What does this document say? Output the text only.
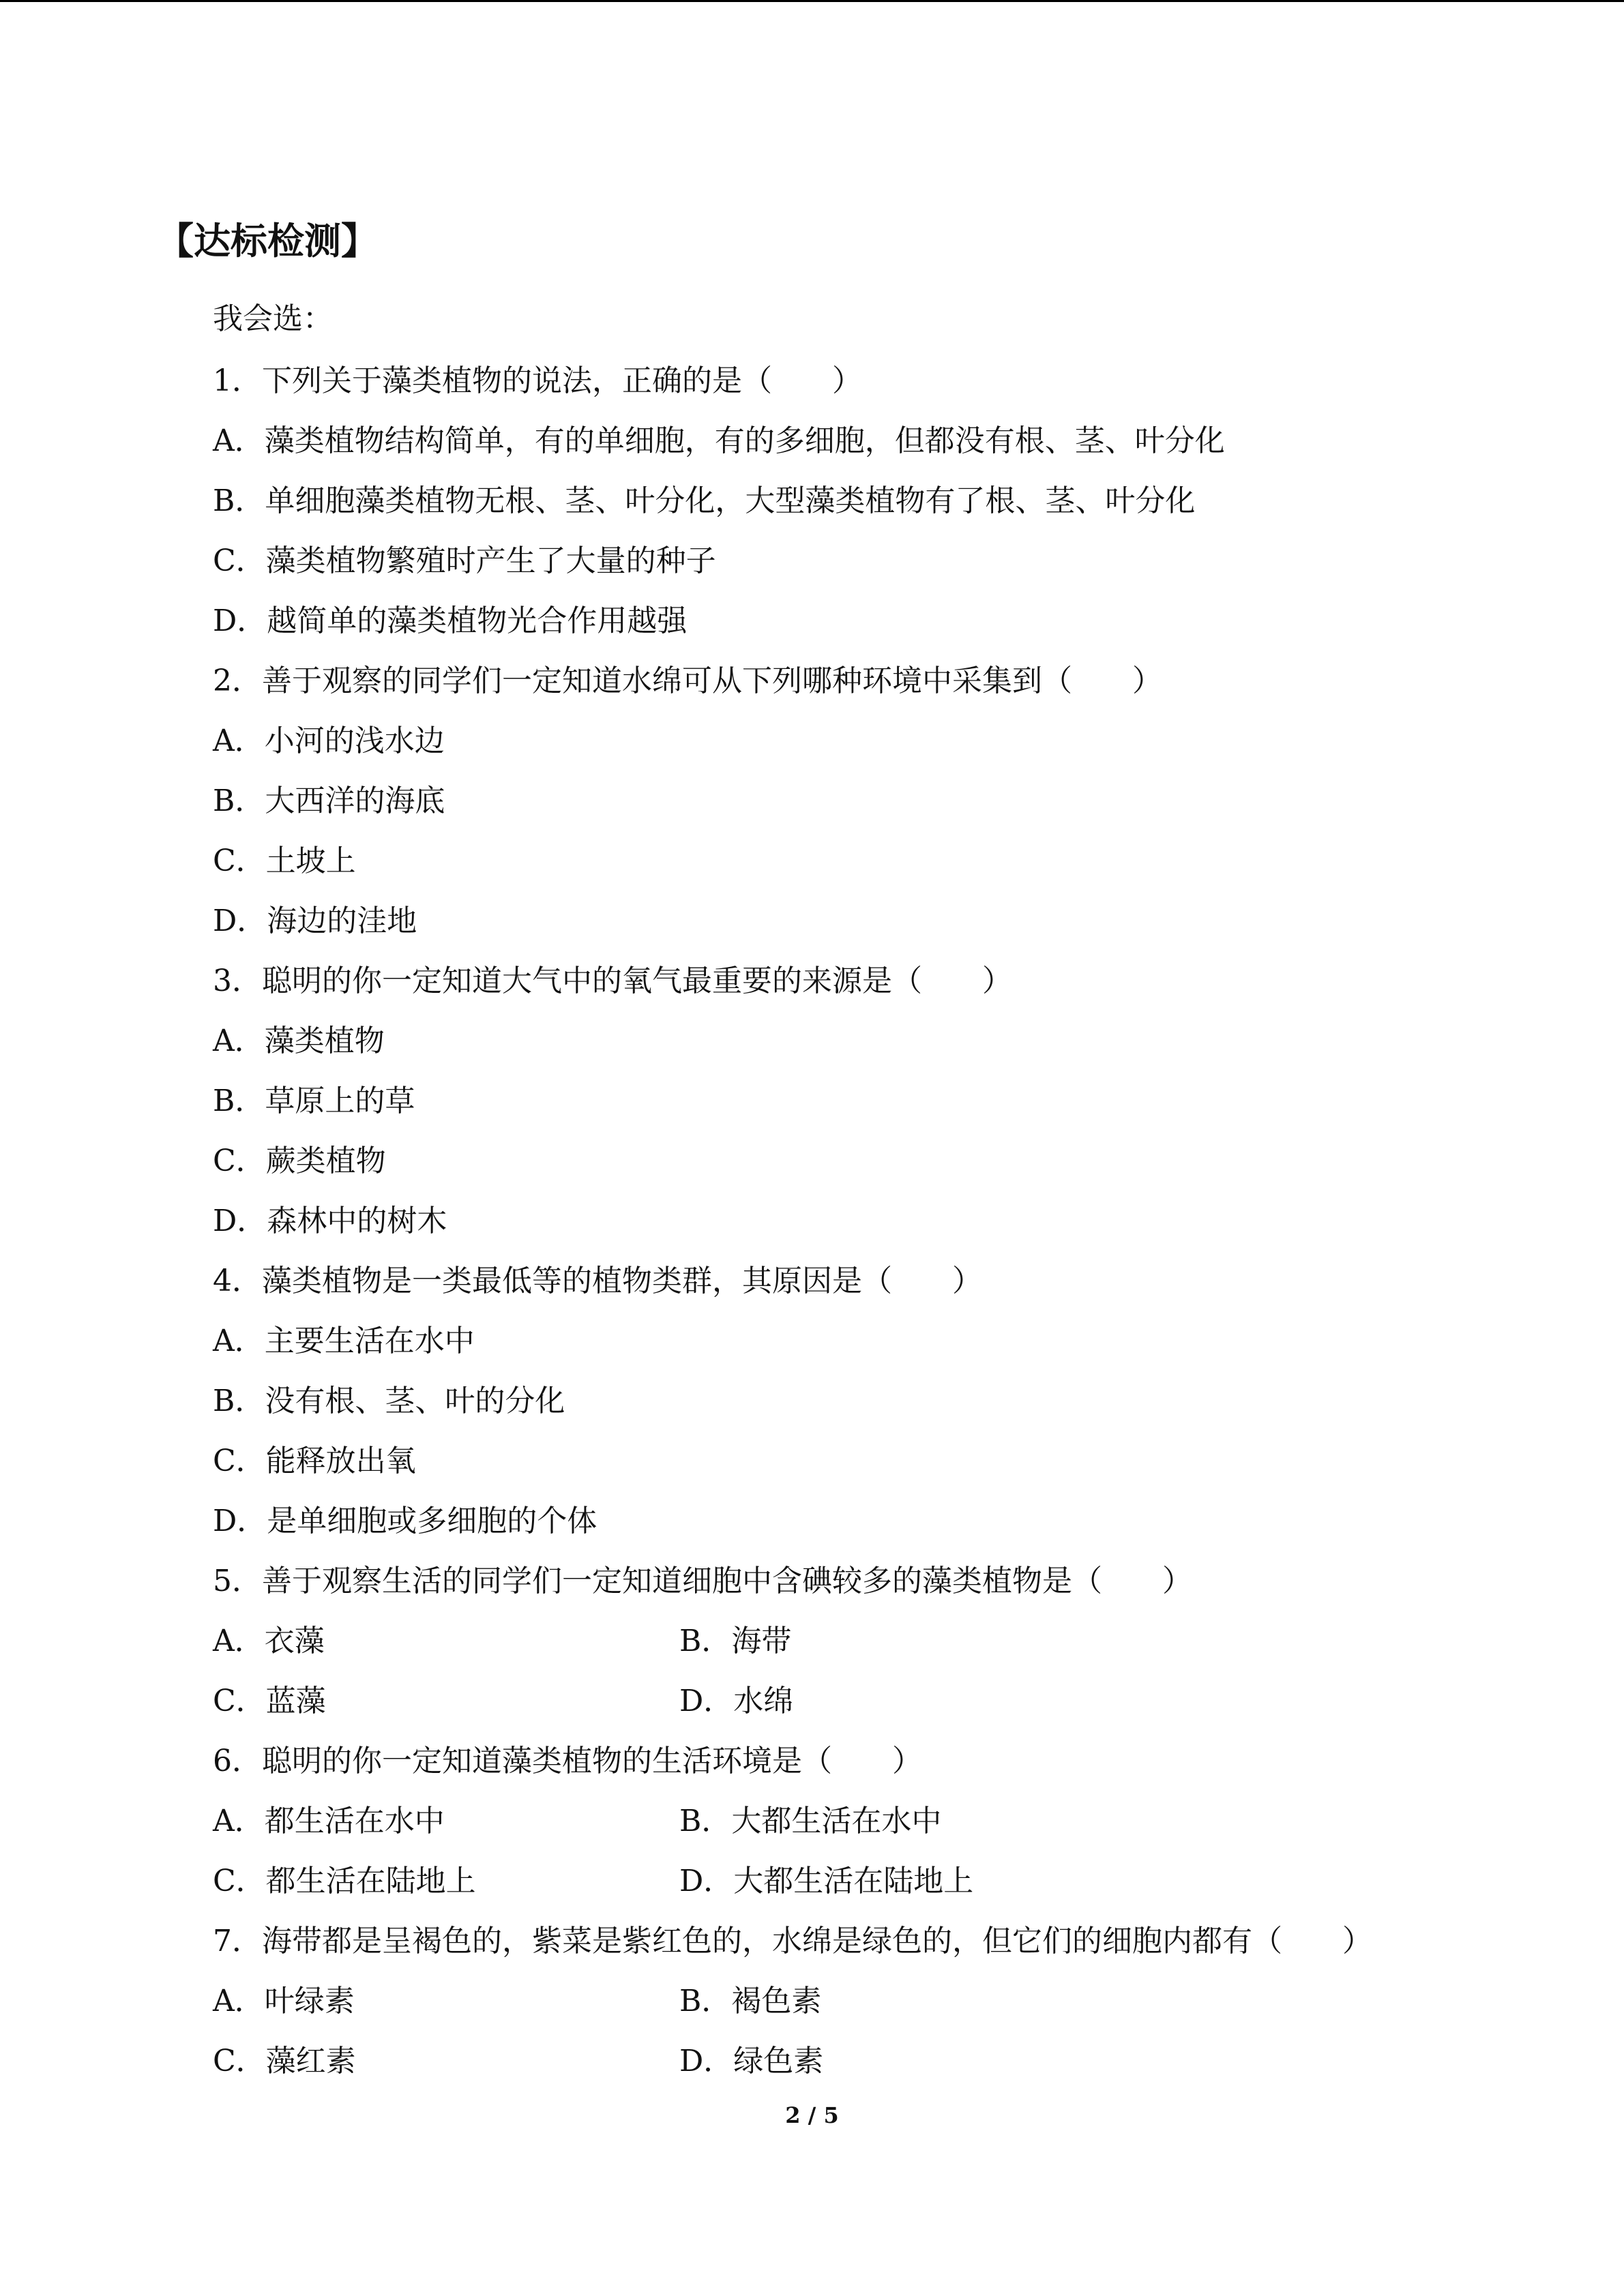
【达标检测】
我会选：
1．下列关于藻类植物的说法，正确的是（　　）
A．藻类植物结构简单，有的单细胞，有的多细胞，但都没有根、茎、叶分化
B．单细胞藻类植物无根、茎、叶分化，大型藻类植物有了根、茎、叶分化
C．藻类植物繁殖时产生了大量的种子
D．越简单的藻类植物光合作用越强
2．善于观察的同学们一定知道水绵可从下列哪种环境中采集到（　　）
A．小河的浅水边
B．大西洋的海底
C．土坡上
D．海边的洼地
3．聪明的你一定知道大气中的氧气最重要的来源是（　　）
A．藻类植物
B．草原上的草
C．蕨类植物
D．森林中的树木
4．藻类植物是一类最低等的植物类群，其原因是（　　）
A．主要生活在水中
B．没有根、茎、叶的分化
C．能释放出氧
D．是单细胞或多细胞的个体
5．善于观察生活的同学们一定知道细胞中含碘较多的藻类植物是（　　）
A．衣藻	B．海带
C．蓝藻	D．水绵
6．聪明的你一定知道藻类植物的生活环境是（　　）
A．都生活在水中	B．大都生活在水中
C．都生活在陆地上	D．大都生活在陆地上
7．海带都是呈褐色的，紫菜是紫红色的，水绵是绿色的，但它们的细胞内都有（　　）
A．叶绿素	B．褐色素
C．藻红素	D．绿色素
2 / 5
